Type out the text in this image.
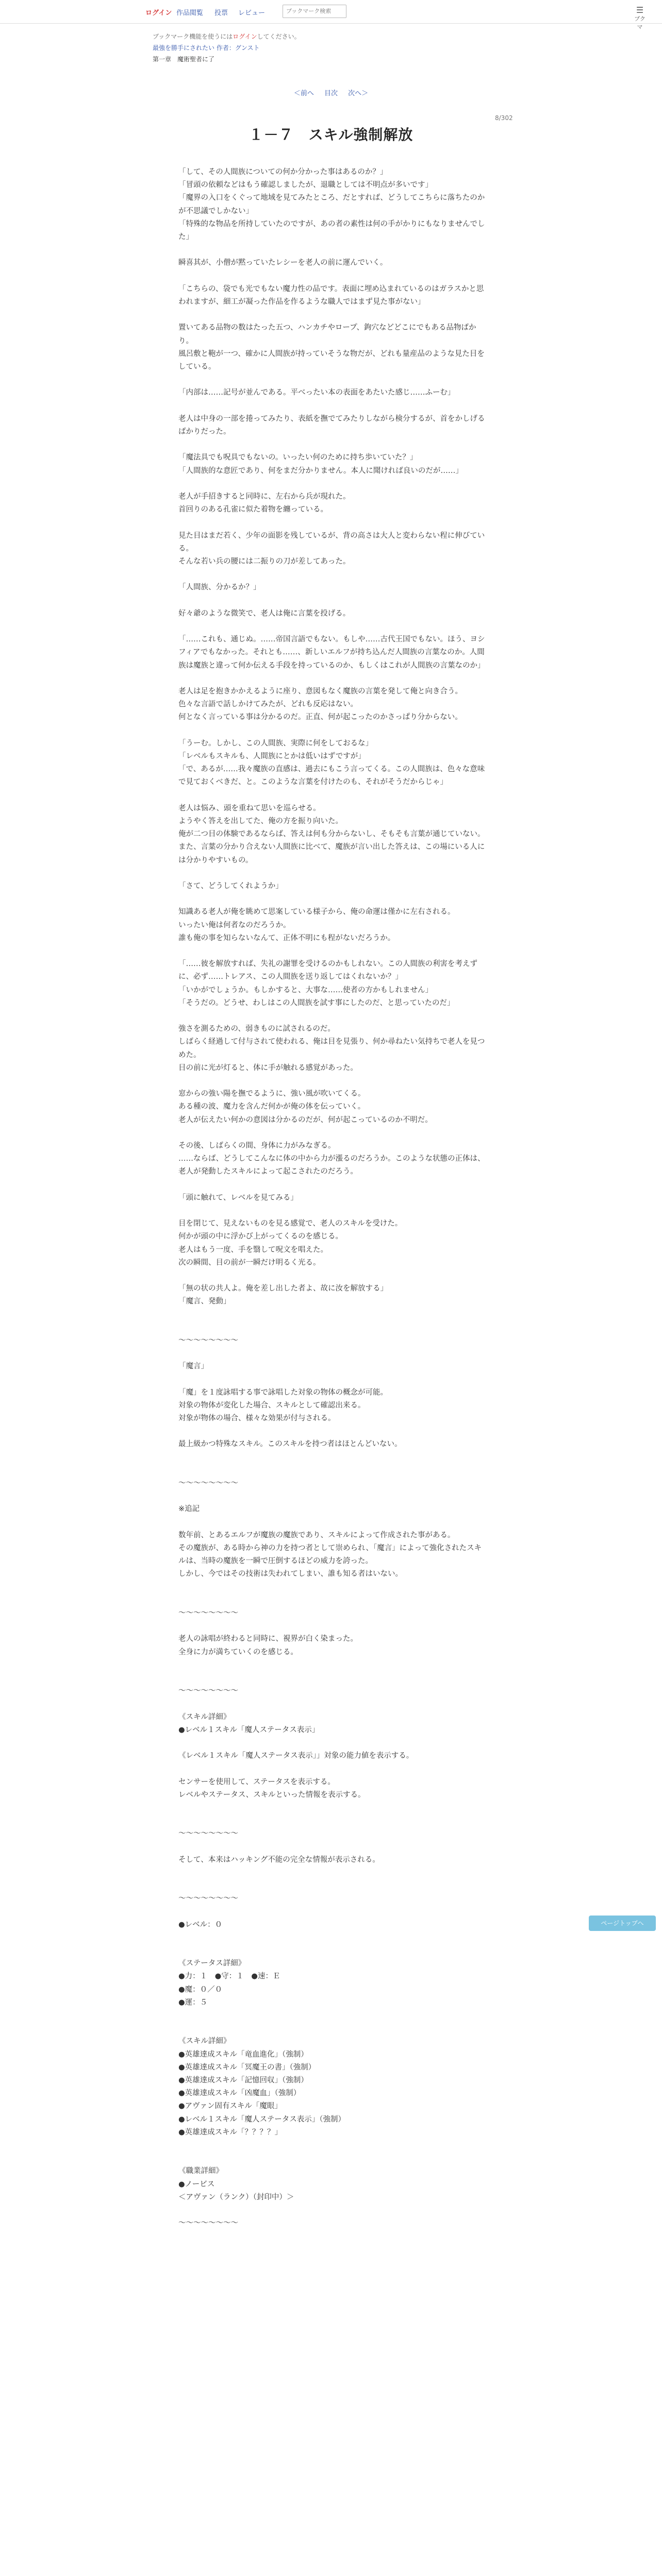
ログイン 作品閲覧 投票 レビュー
ブックマーク検索	☰
ブクマ
ブックマーク機能を使うにはログインしてください。
最強を勝手にされたい 作者：グンスト
第一章　魔術聖者に了
＜前へ 目次 次へ＞
8/302
１－７　スキル強制解放

「して、その人間族についての何か分かった事はあるのか？」

「冒頭の依頼などはもう確認しましたが、退職としては不明点が多いです」

「魔界の入口をくぐって地域を見てみたところ、だとすれば、どうしてこちらに落ちたのかが不思議でしかない」

「特殊的な物品を所持していたのですが、あの者の素性は何の手がかりにもなりませんでした」

瞬喜其が、小僧が黙っていたレシーを老人の前に運んでいく。

「こちらの、袋でも光でもない魔力性の品です。表面に埋め込まれているのはガラスかと思われますが、細工が凝った作品を作るような職人ではまず見た事がない」

置いてある品物の数はたった五つ、ハンカチやロープ、鉤穴などどこにでもある品物ばかり。

風呂敷と鞄が一つ、確かに人間族が持っていそうな物だが、どれも量産品のような見た目をしている。

「内部は……記号が並んである。平べったい本の表面をあたいた感じ……ふーむ」

老人は中身の一部を捲ってみたり、表紙を撫でてみたりしながら検分するが、首をかしげるばかりだった。

「魔法具でも呪具でもないの。いったい何のために持ち歩いていた？」

「人間族的な意匠であり、何をまだ分かりません。本人に聞ければ良いのだが……」

老人が手招きすると同時に、左右から兵が現れた。

首回りのある孔雀に似た着物を纏っている。

見た目はまだ若く、少年の面影を残しているが、背の高さは大人と変わらない程に伸びている。

そんな若い兵の腰には二振りの刀が差してあった。

「人間族、分かるか？」

好々爺のような微笑で、老人は俺に言葉を投げる。

「……これも、通じぬ。……帝国言語でもない。もしや……古代王国でもない。ほう、ヨシフィアでもなかった。それとも……、新しいエルフが持ち込んだ人間族の言葉なのか。人間族は魔族と違って何か伝える手段を持っているのか、もしくはこれが人間族の言葉なのか」

老人は足を抱きかかえるように座り、意図もなく魔族の言葉を発して俺と向き合う。

色々な言語で話しかけてみたが、どれも反応はない。

何となく言っている事は分かるのだ。正直、何が起こったのかさっぱり分からない。

「うーむ。しかし、この人間族、実際に何をしておるな」

「レベルもスキルも、人間族にとかは低いはずですが」

「で、あるが……我々魔族の直感は、過去にもこう言ってくる。この人間族は、色々な意味で見ておくべきだ、と。このような言葉を付けたのも、それがそうだからじゃ」

老人は悩み、頭を重ねて思いを巡らせる。

ようやく答えを出してた、俺の方を振り向いた。

俺が二つ目の体験であるならば、答えは何も分からないし、そもそも言葉が通じていない。

また、言葉の分かり合えない人間族に比べて、魔族が言い出した答えは、この場にいる人には分かりやすいもの。

「さて、どうしてくれようか」

知識ある老人が俺を眺めて思案している様子から、俺の命運は僅かに左右される。

いったい俺は何者なのだろうか。

誰も俺の事を知らないなんて、正体不明にも程がないだろうか。

「……彼を解放すれば、失礼の謝罪を受けるのかもしれない。この人間族の利害を考えずに、必ず……トレアス、この人間族を送り返してはくれないか？」

「いかがでしょうか。もしかすると、大事な……使者の方かもしれません」

「そうだの。どうせ、わしはこの人間族を試す事にしたのだ、と思っていたのだ」

強さを測るための、弱きものに試されるのだ。

しばらく経過して付与されて使われる、俺は目を見張り、何か尋ねたい気持ちで老人を見つめた。

目の前に光が灯ると、体に手が触れる感覚があった。

窓からの強い陽を撫でるように、強い風が吹いてくる。

ある種の波、魔力を含んだ何かが俺の体を伝っていく。

老人が伝えたい何かの意図は分かるのだが、何が起こっているのか不明だ。

その後、しばらくの間、身体に力がみなぎる。

……ならば、どうしてこんなに体の中から力が漲るのだろうか。このような状態の正体は、老人が発動したスキルによって起こされたのだろう。

「頭に触れて、レベルを見てみる」

目を閉じて、見えないものを見る感覚で、老人のスキルを受けた。

何かが頭の中に浮かび上がってくるのを感じる。

老人はもう一度、手を翳して呪文を唱えた。

次の瞬間、目の前が一瞬だけ明るく光る。

「無の状の共人よ。俺を差し出した者よ、故に汝を解放する」

「魔言、発動」

〜〜〜〜〜〜〜〜

「魔言」

「魔」を１度詠唱する事で詠唱した対象の物体の概念が可能。

対象の物体が変化した場合、スキルとして確認出来る。

対象が物体の場合、様々な効果が付与される。

最上級かつ特殊なスキル。このスキルを持つ者はほとんどいない。

〜〜〜〜〜〜〜〜

※追記

数年前、とあるエルフが魔族の魔族であり、スキルによって作成された事がある。

その魔族が、ある時から神の力を持つ者として崇められ、「魔言」によって強化されたスキルは、当時の魔族を一瞬で圧倒するほどの威力を誇った。

しかし、今ではその技術は失われてしまい、誰も知る者はいない。

〜〜〜〜〜〜〜〜

老人の詠唱が終わると同時に、視界が白く染まった。

全身に力が満ちていくのを感じる。

〜〜〜〜〜〜〜〜

《スキル詳細》

●レベル１スキル「魔人ステータス表示」

《レベル１スキル「魔人ステータス表示」」対象の能力値を表示する。

センサーを使用して、ステータスを表示する。

レベルやステータス、スキルといった情報を表示する。

〜〜〜〜〜〜〜〜

そして、本来はハッキング不能の完全な情報が表示される。

〜〜〜〜〜〜〜〜

●レベル：０

《ステータス詳細》

●力：１　●守：１　●速：Ｅ

●魔：０／０

●運：５

《スキル詳細》

●英雄達成スキル「竜血進化」（強制）

●英雄達成スキル「冥魔王の書」（強制）

●英雄達成スキル「記憶回収」（強制）

●英雄達成スキル「凶魔血」（強制）

●アヴァン固有スキル「魔眼」

●レベル１スキル「魔人ステータス表示」（強制）

●英雄達成スキル「？？？？」

《職業詳細》

●ノービス

＜アヴァン（ランク）（封印中）＞

〜〜〜〜〜〜〜〜

ページトップへ
